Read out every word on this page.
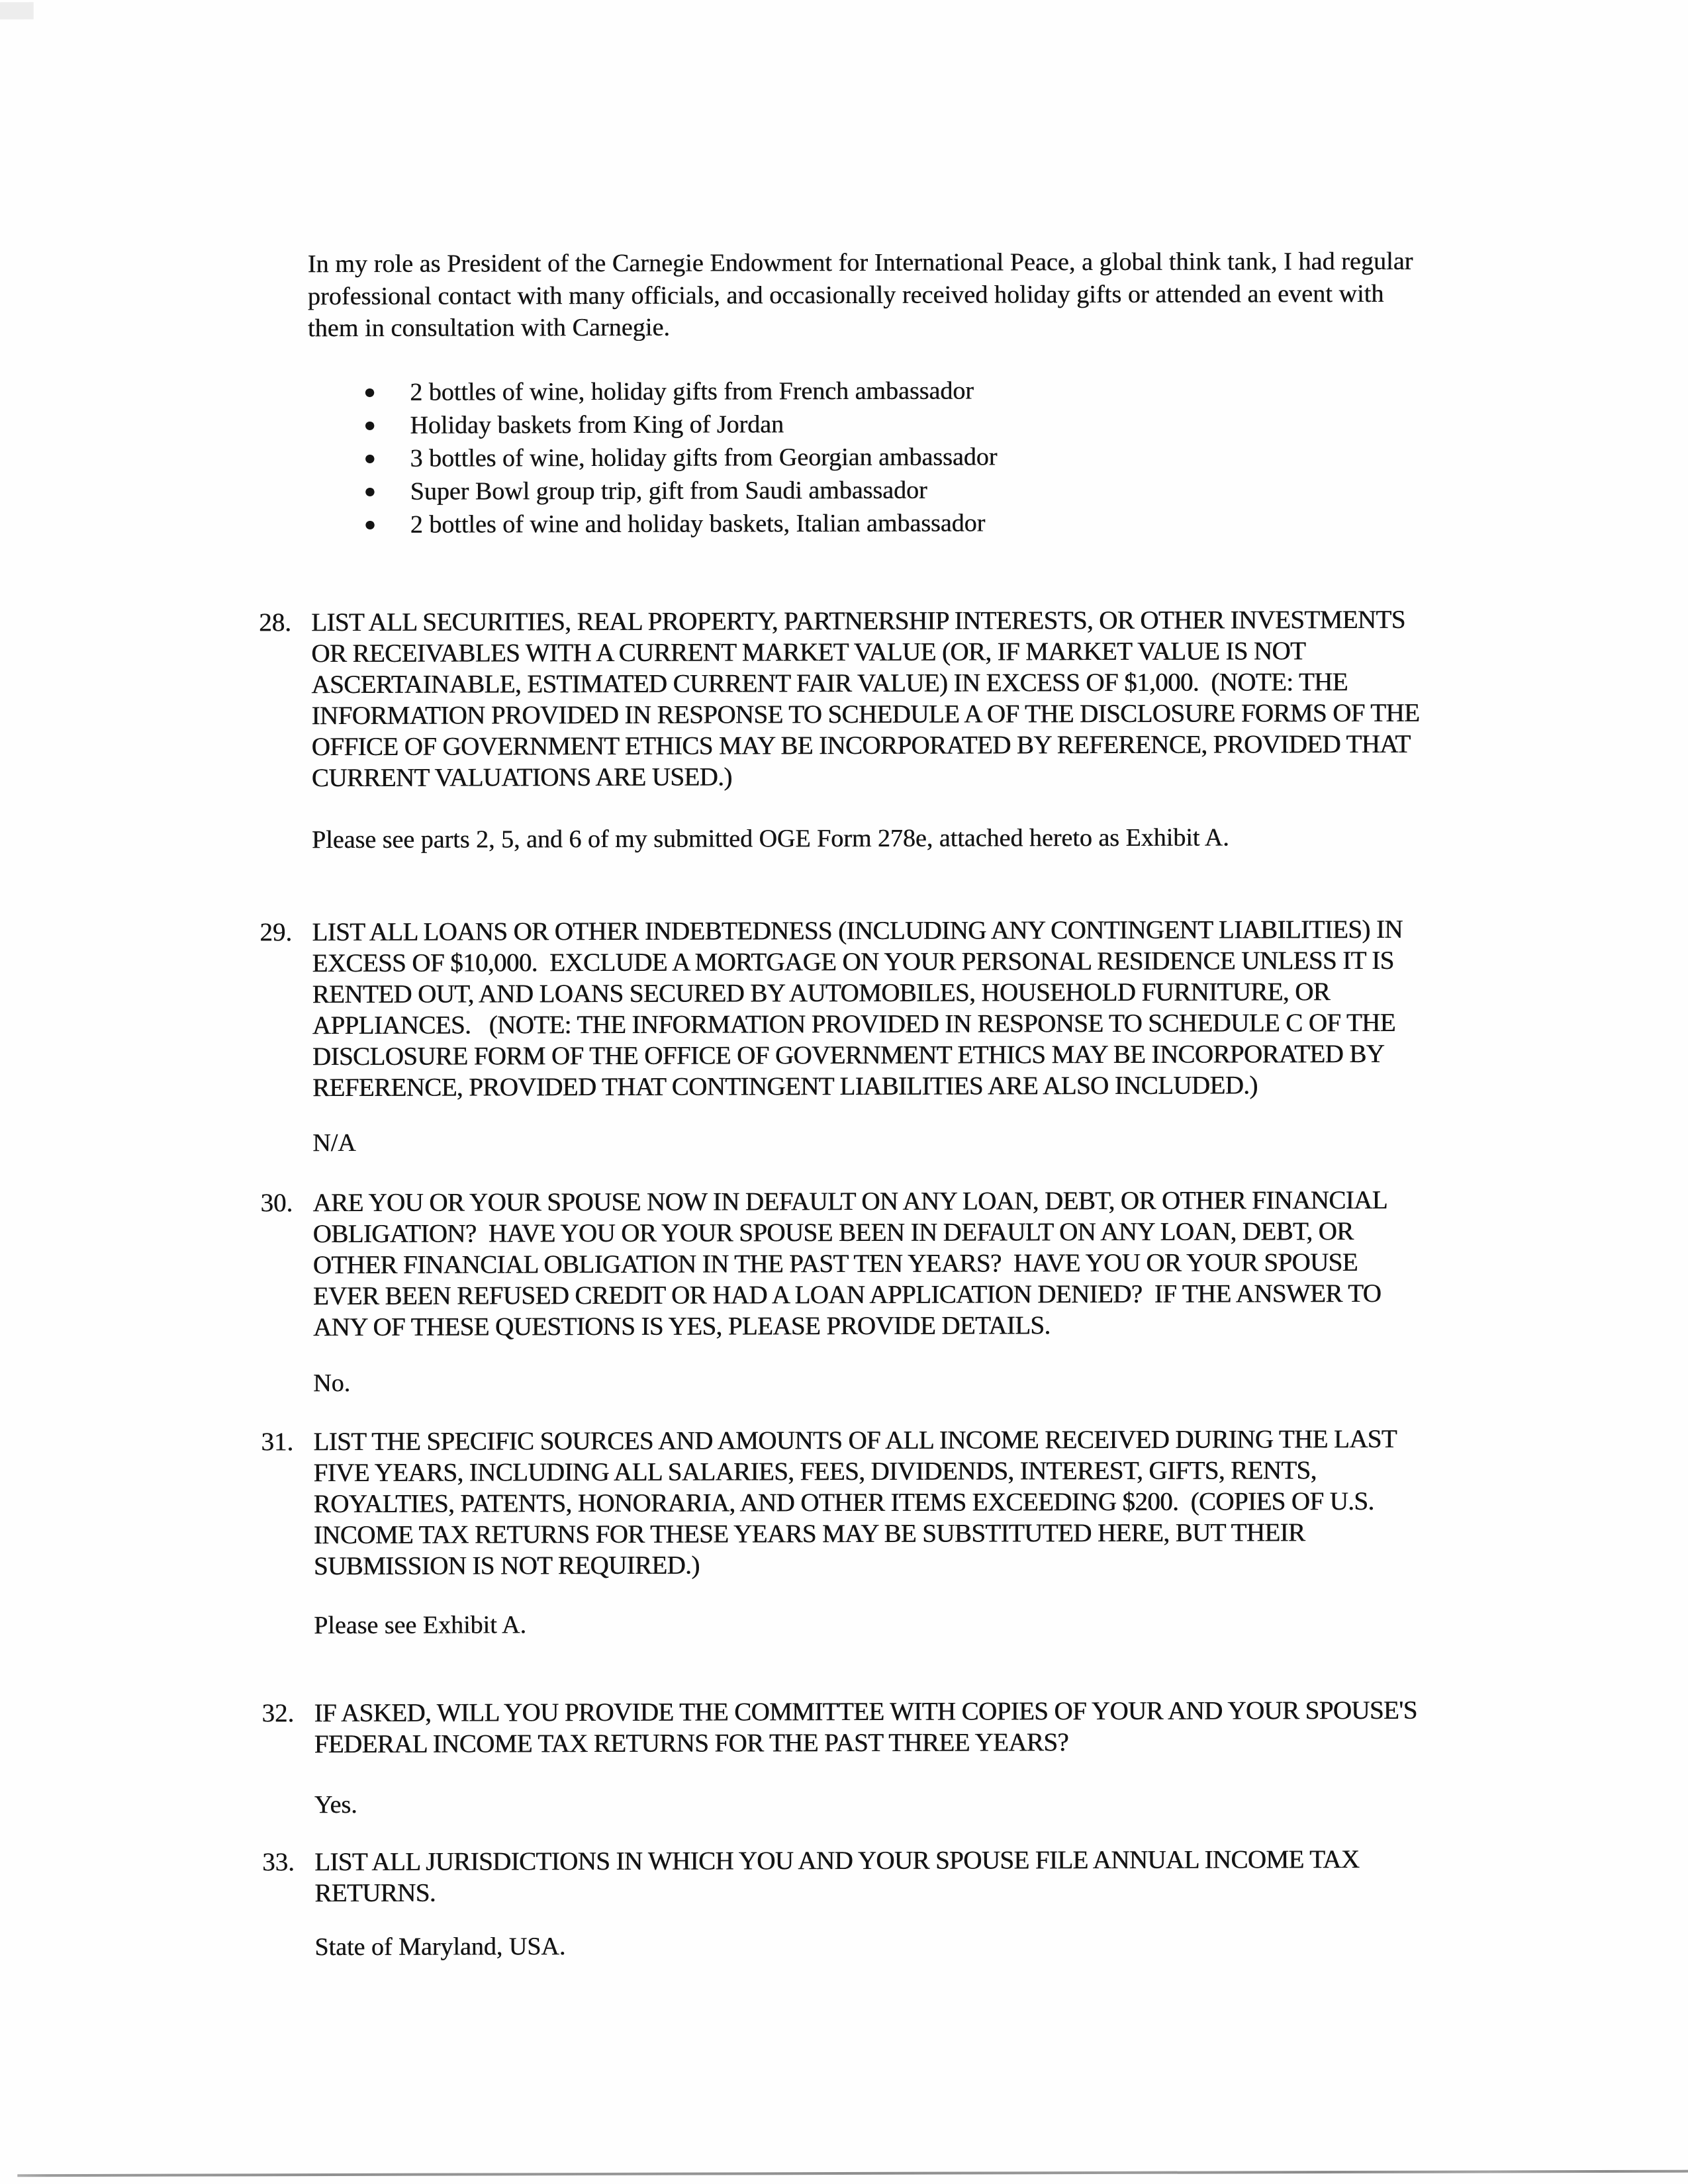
In my role as President of the Carnegie Endowment for International Peace, a global think tank, I had regular
professional contact with many officials, and occasionally received holiday gifts or attended an event with
them in consultation with Carnegie.
●	2 bottles of wine, holiday gifts from French ambassador
●	Holiday baskets from King of Jordan
●	3 bottles of wine, holiday gifts from Georgian ambassador
●	Super Bowl group trip, gift from Saudi ambassador
●	2 bottles of wine and holiday baskets, Italian ambassador
28. LIST ALL SECURITIES, REAL PROPERTY, PARTNERSHIP INTERESTS, OR OTHER INVESTMENTS
OR RECEIVABLES WITH A CURRENT MARKET VALUE (OR, IF MARKET VALUE IS NOT
ASCERTAINABLE, ESTIMATED CURRENT FAIR VALUE) IN EXCESS OF $1,000.  (NOTE: THE
INFORMATION PROVIDED IN RESPONSE TO SCHEDULE A OF THE DISCLOSURE FORMS OF THE
OFFICE OF GOVERNMENT ETHICS MAY BE INCORPORATED BY REFERENCE, PROVIDED THAT
CURRENT VALUATIONS ARE USED.)
Please see parts 2, 5, and 6 of my submitted OGE Form 278e, attached hereto as Exhibit A.
29. LIST ALL LOANS OR OTHER INDEBTEDNESS (INCLUDING ANY CONTINGENT LIABILITIES) IN
EXCESS OF $10,000.  EXCLUDE A MORTGAGE ON YOUR PERSONAL RESIDENCE UNLESS IT IS
RENTED OUT, AND LOANS SECURED BY AUTOMOBILES, HOUSEHOLD FURNITURE, OR
APPLIANCES.   (NOTE: THE INFORMATION PROVIDED IN RESPONSE TO SCHEDULE C OF THE
DISCLOSURE FORM OF THE OFFICE OF GOVERNMENT ETHICS MAY BE INCORPORATED BY
REFERENCE, PROVIDED THAT CONTINGENT LIABILITIES ARE ALSO INCLUDED.)
N/A
30. ARE YOU OR YOUR SPOUSE NOW IN DEFAULT ON ANY LOAN, DEBT, OR OTHER FINANCIAL
OBLIGATION?  HAVE YOU OR YOUR SPOUSE BEEN IN DEFAULT ON ANY LOAN, DEBT, OR
OTHER FINANCIAL OBLIGATION IN THE PAST TEN YEARS?  HAVE YOU OR YOUR SPOUSE
EVER BEEN REFUSED CREDIT OR HAD A LOAN APPLICATION DENIED?  IF THE ANSWER TO
ANY OF THESE QUESTIONS IS YES, PLEASE PROVIDE DETAILS.
No.
31. LIST THE SPECIFIC SOURCES AND AMOUNTS OF ALL INCOME RECEIVED DURING THE LAST
FIVE YEARS, INCLUDING ALL SALARIES, FEES, DIVIDENDS, INTEREST, GIFTS, RENTS,
ROYALTIES, PATENTS, HONORARIA, AND OTHER ITEMS EXCEEDING $200.  (COPIES OF U.S.
INCOME TAX RETURNS FOR THESE YEARS MAY BE SUBSTITUTED HERE, BUT THEIR
SUBMISSION IS NOT REQUIRED.)
Please see Exhibit A.
32. IF ASKED, WILL YOU PROVIDE THE COMMITTEE WITH COPIES OF YOUR AND YOUR SPOUSE'S
FEDERAL INCOME TAX RETURNS FOR THE PAST THREE YEARS?
Yes.
33. LIST ALL JURISDICTIONS IN WHICH YOU AND YOUR SPOUSE FILE ANNUAL INCOME TAX
RETURNS.
State of Maryland, USA.
